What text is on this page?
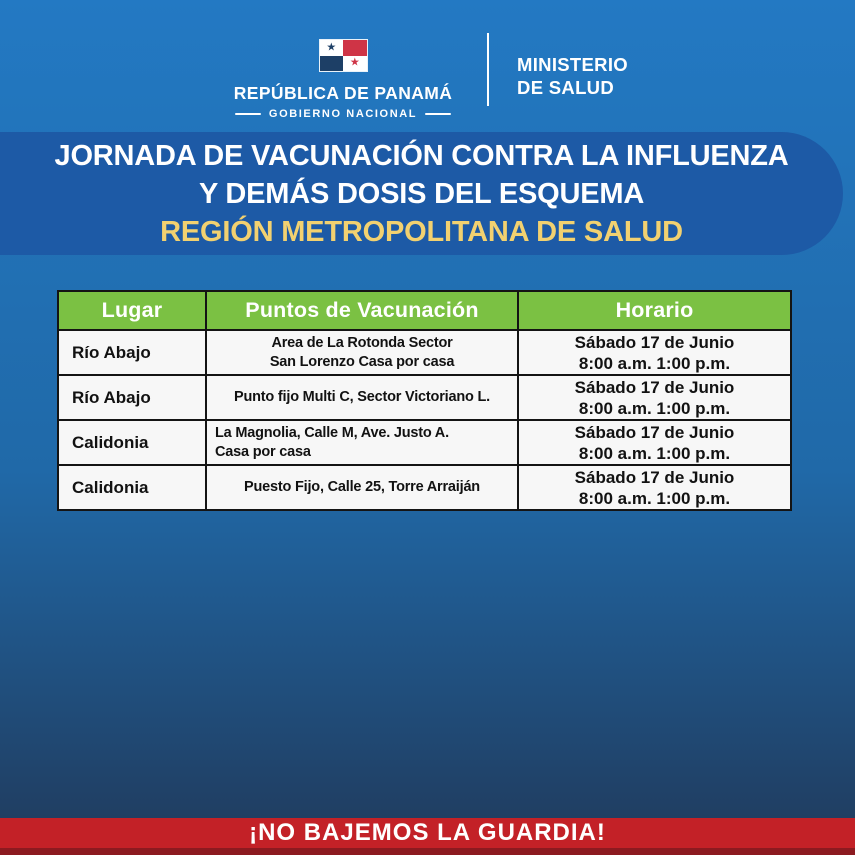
★
★
REPÚBLICA DE PANAMÁ
GOBIERNO NACIONAL
MINISTERIO
DE SALUD
JORNADA DE VACUNACIÓN CONTRA LA INFLUENZA
Y DEMÁS DOSIS DEL ESQUEMA
REGIÓN METROPOLITANA DE SALUD
Lugar	Puntos de Vacunación	Horario
Río Abajo	Area de La Rotonda Sector
San Lorenzo Casa por casa
Sábado 17 de Junio
8:00 a.m. 1:00 p.m.
Río Abajo	Punto fijo Multi C, Sector Victoriano L.
Sábado 17 de Junio
8:00 a.m. 1:00 p.m.
Calidonia	La Magnolia, Calle M, Ave. Justo A.
Casa por casa
Sábado 17 de Junio
8:00 a.m. 1:00 p.m.
Calidonia	Puesto Fijo, Calle 25, Torre Arraiján
Sábado 17 de Junio
8:00 a.m. 1:00 p.m.
¡NO BAJEMOS LA GUARDIA!
